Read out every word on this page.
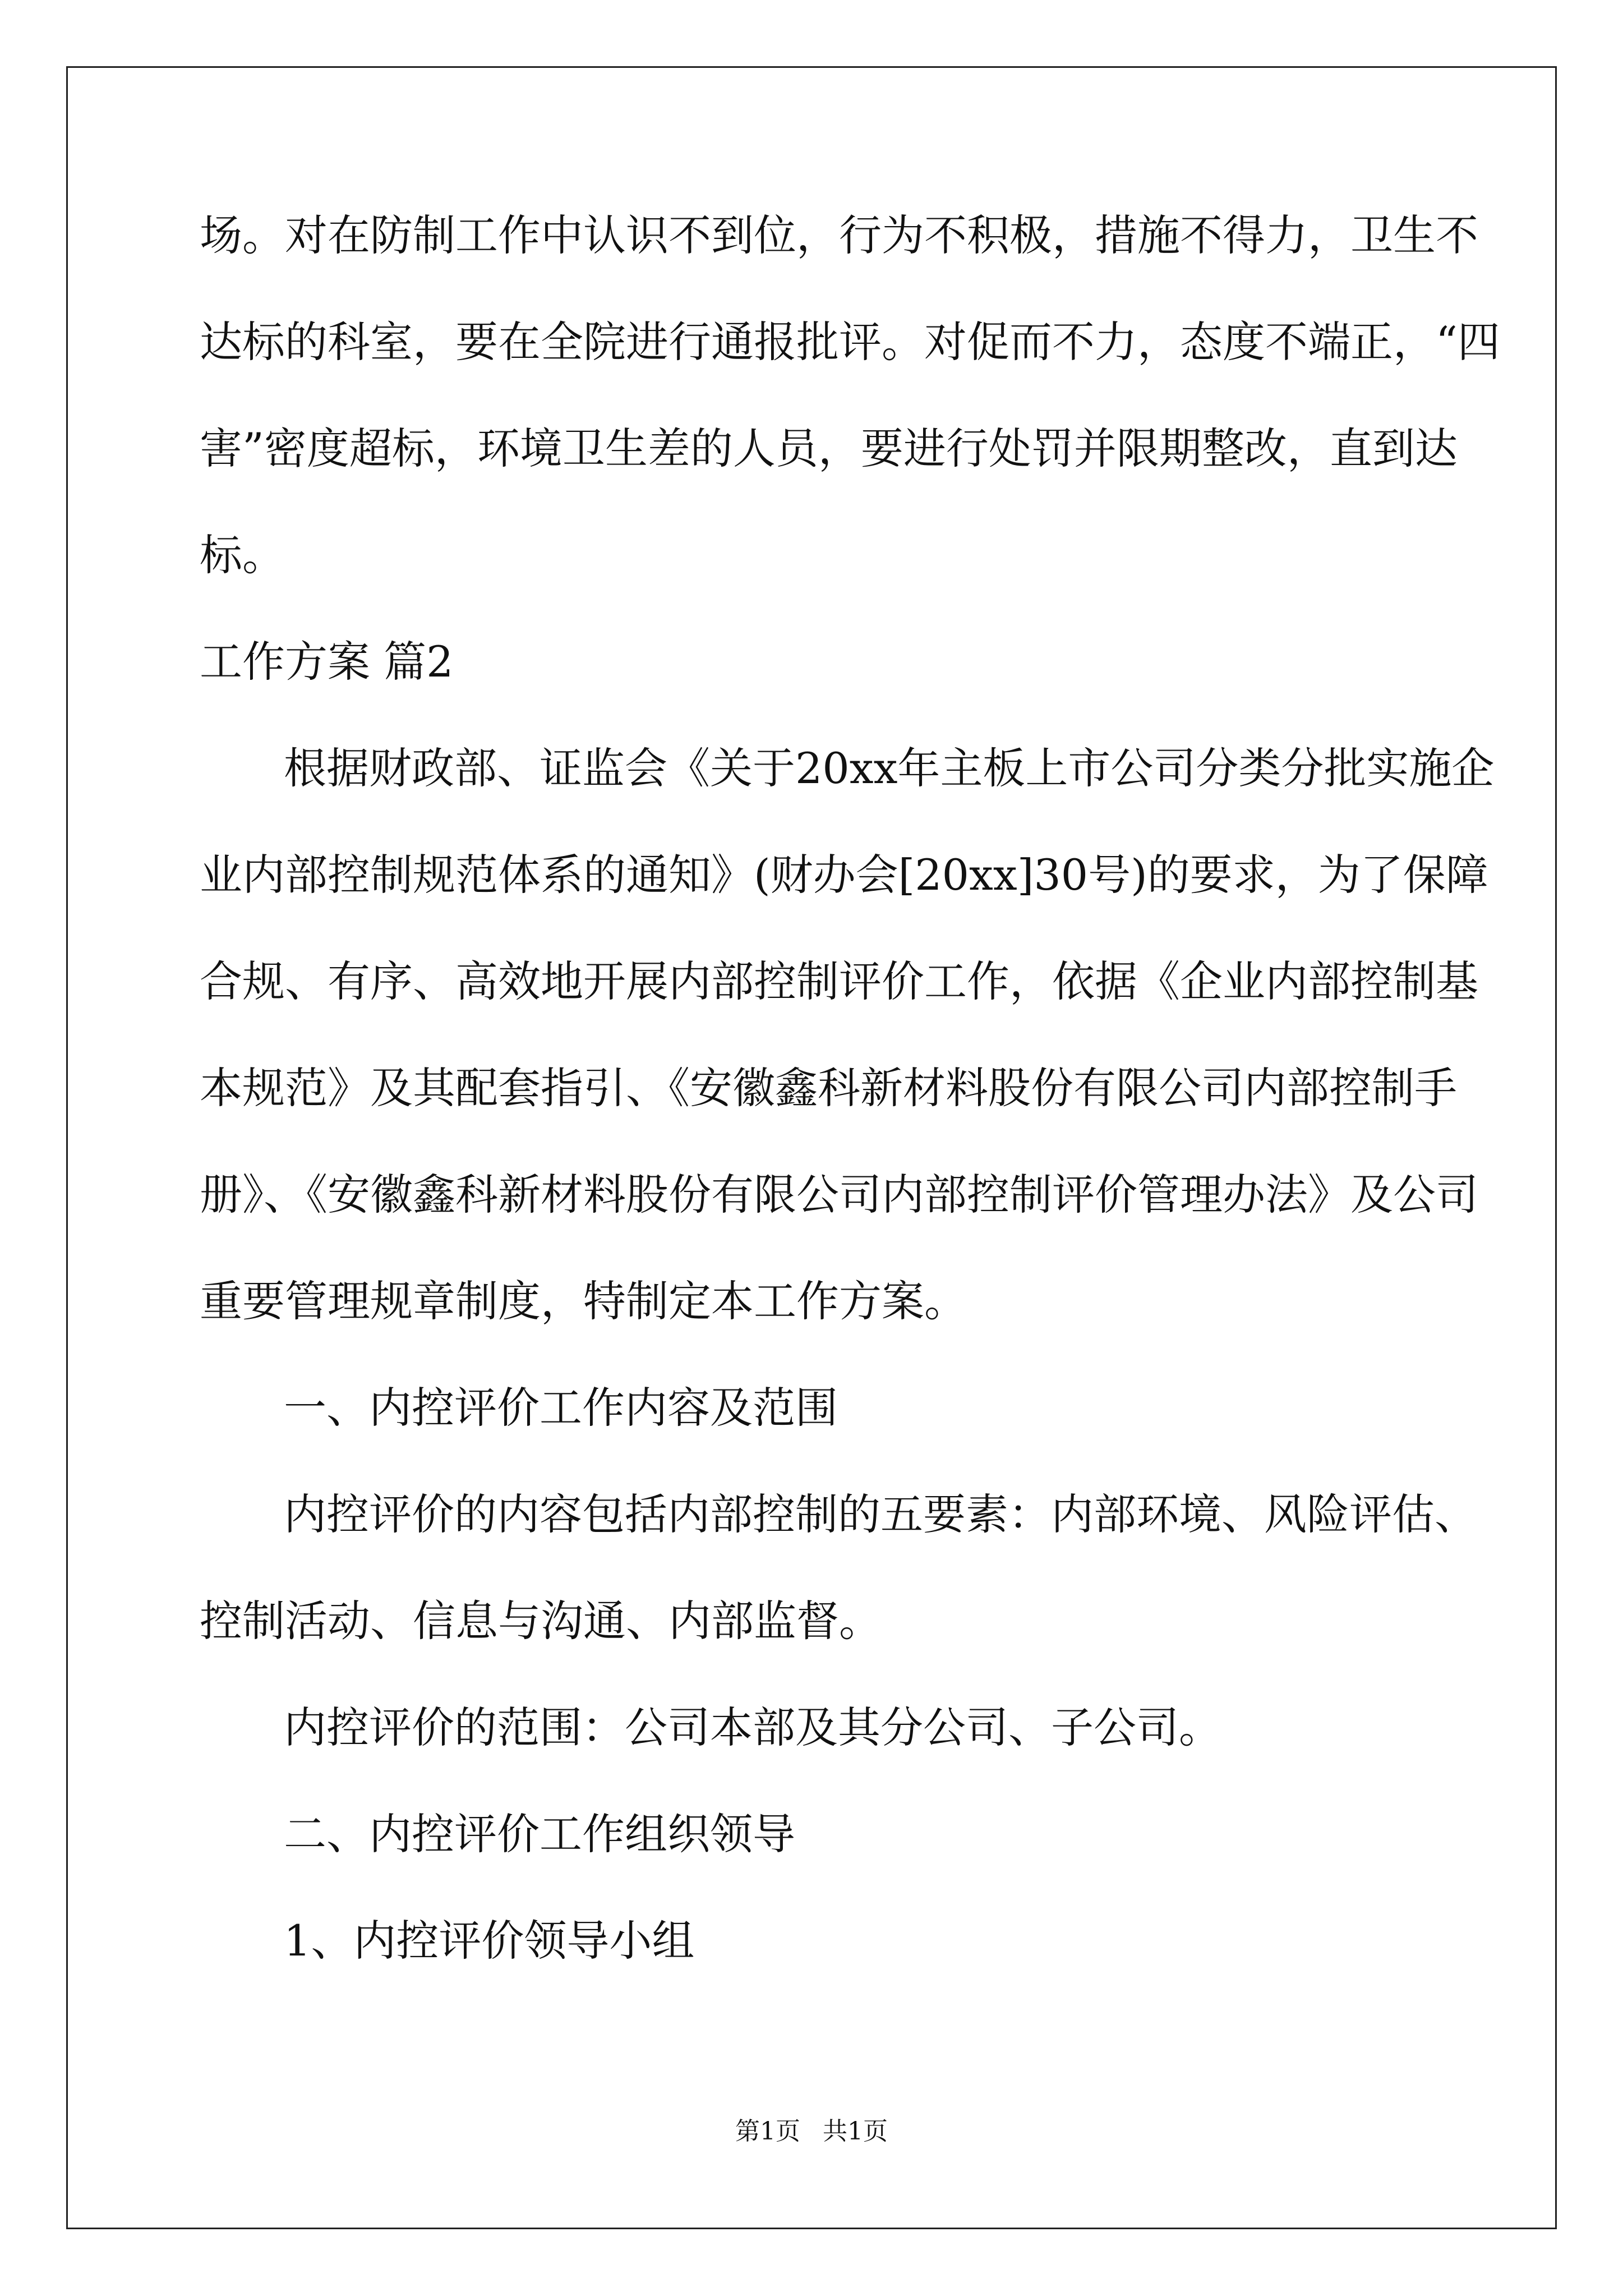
场。对在防制工作中认识不到位，行为不积极，措施不得力，卫生不
达标的科室，要在全院进行通报批评。对促而不力，态度不端正，“四
害”密度超标，环境卫生差的人员，要进行处罚并限期整改，直到达
标。
工作方案 篇2
根据财政部、证监会《关于20xx年主板上市公司分类分批实施企
业内部控制规范体系的通知》(财办会[20xx]30号)的要求，为了保障
合规、有序、高效地开展内部控制评价工作，依据《企业内部控制基
本规范》及其配套指引、《安徽鑫科新材料股份有限公司内部控制手
册》、《安徽鑫科新材料股份有限公司内部控制评价管理办法》及公司
重要管理规章制度，特制定本工作方案。
一、内控评价工作内容及范围
内控评价的内容包括内部控制的五要素：内部环境、风险评估、
控制活动、信息与沟通、内部监督。
内控评价的范围：公司本部及其分公司、子公司。
二、内控评价工作组织领导
1、内控评价领导小组
第1页 共1页
